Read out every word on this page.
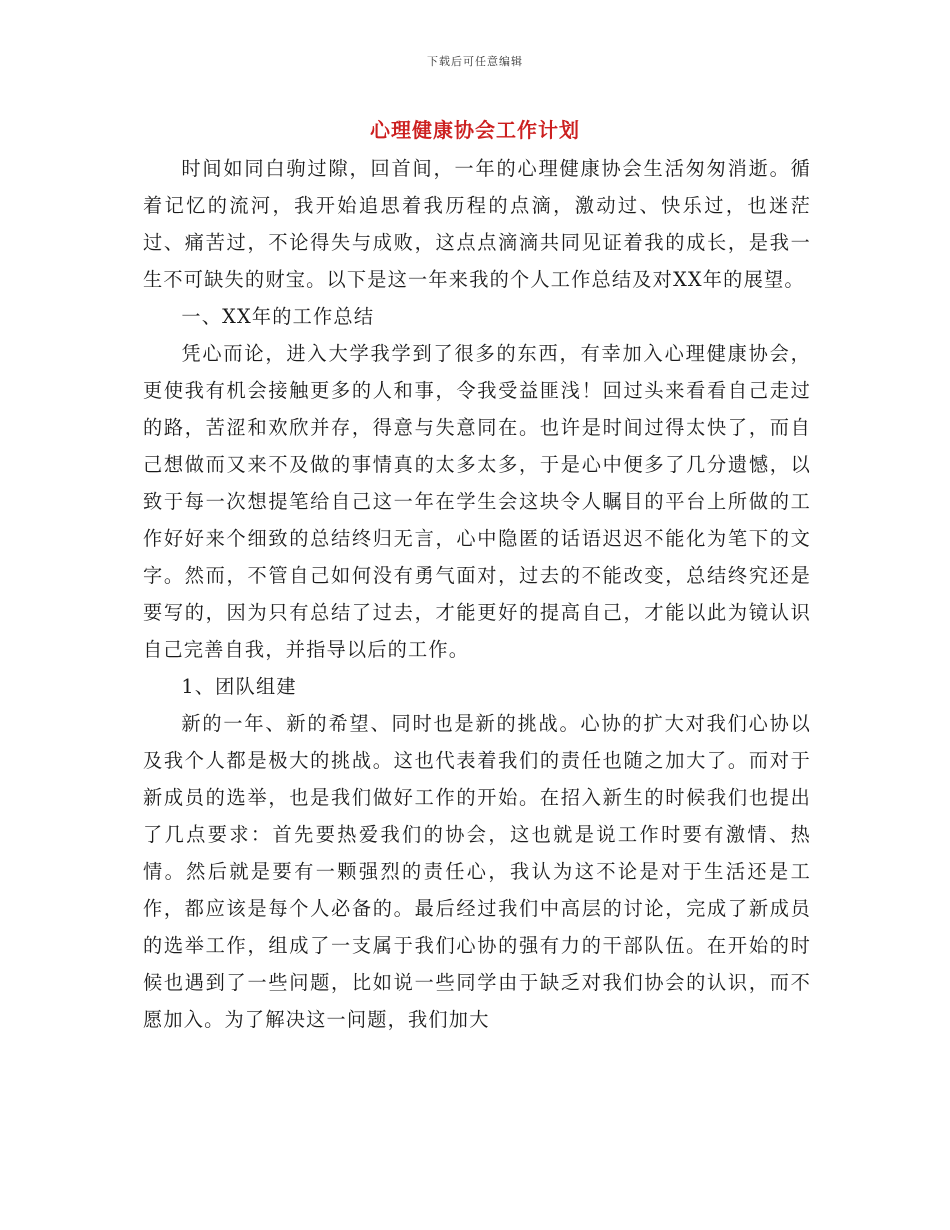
下载后可任意编辑
心理健康协会工作计划

时间如同白驹过隙，回首间，一年的心理健康协会生活匆匆消逝。循着记忆的流河，我开始追思着我历程的点滴，激动过、快乐过，也迷茫过、痛苦过，不论得失与成败，这点点滴滴共同见证着我的成长，是我一生不可缺失的财宝。以下是这一年来我的个人工作总结及对XX年的展望。

一、XX年的工作总结

凭心而论，进入大学我学到了很多的东西，有幸加入心理健康协会，更使我有机会接触更多的人和事，令我受益匪浅！回过头来看看自己走过的路，苦涩和欢欣并存，得意与失意同在。也许是时间过得太快了，而自己想做而又来不及做的事情真的太多太多，于是心中便多了几分遗憾，以致于每一次想提笔给自己这一年在学生会这块令人瞩目的平台上所做的工作好好来个细致的总结终归无言，心中隐匿的话语迟迟不能化为笔下的文字。然而，不管自己如何没有勇气面对，过去的不能改变，总结终究还是要写的，因为只有总结了过去，才能更好的提高自己，才能以此为镜认识自己完善自我，并指导以后的工作。

1、团队组建

新的一年、新的希望、同时也是新的挑战。心协的扩大对我们心协以及我个人都是极大的挑战。这也代表着我们的责任也随之加大了。而对于新成员的选举，也是我们做好工作的开始。在招入新生的时候我们也提出了几点要求：首先要热爱我们的协会，这也就是说工作时要有激情、热情。然后就是要有一颗强烈的责任心，我认为这不论是对于生活还是工作，都应该是每个人必备的。最后经过我们中高层的讨论，完成了新成员的选举工作，组成了一支属于我们心协的强有力的干部队伍。在开始的时候也遇到了一些问题，比如说一些同学由于缺乏对我们协会的认识，而不愿加入。为了解决这一问题，我们加大
